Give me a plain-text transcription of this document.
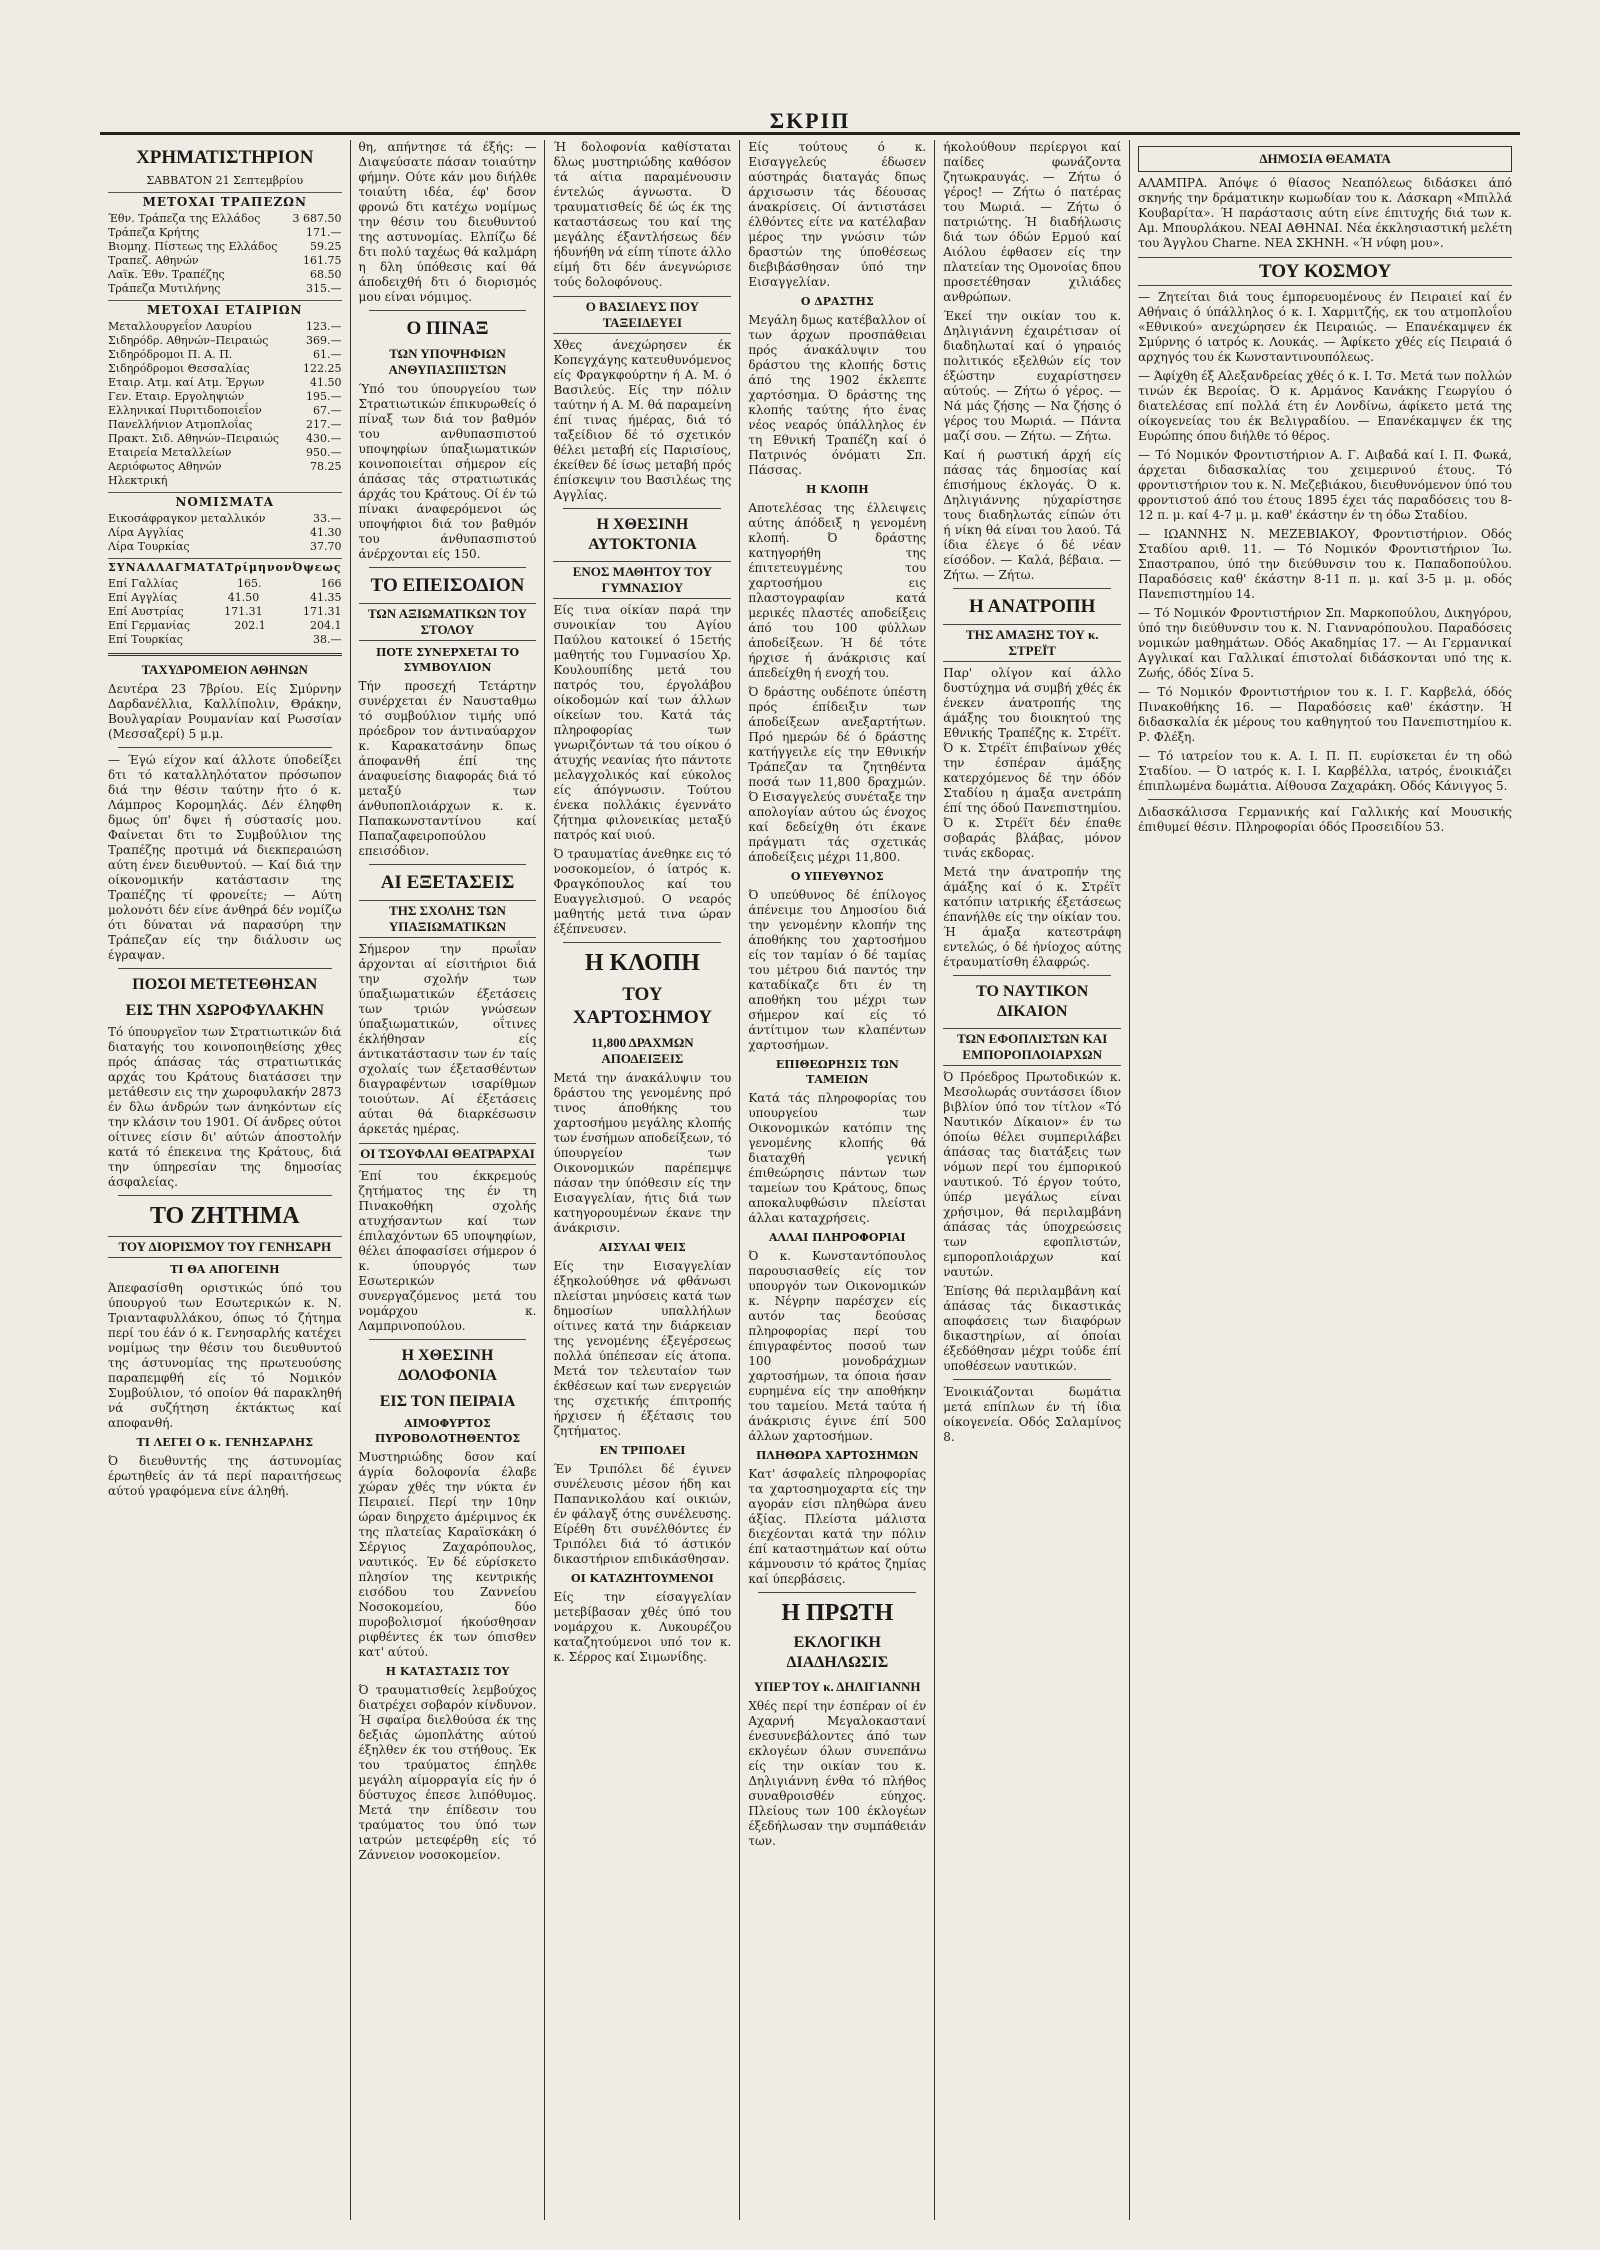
ΣΚΡΙΠ
ΧΡΗΜΑΤΙΣΤΗΡΙΟΝ
ΣΑΒΒΑΤΟΝ 21 Σεπτεμβρίου
ΜΕΤΟΧΑΙ ΤΡΑΠΕΖΩΝ
Έθν. Τράπεζα της Ελλάδος	3 687.50
Τράπεζα Κρήτης	171.—
Βιομηχ. Πίστεως της Ελλάδος	59.25
Τραπεζ. Αθηνών	161.75
Λαϊκ. Έθν. Τραπέζης	68.50
Τράπεζα Μυτιλήνης	315.—
ΜΕΤΟΧΑΙ ΕΤΑΙΡΙΩΝ
Μεταλλουργεΐον Λαυρίου	123.—
Σιδηρόδρ. Αθηνών–Πειραιώς	369.—
Σιδηρόδρομοι Π. Α. Π.	61.—
Σιδηρόδρομοι Θεσσαλίας	122.25
Εταιρ. Ατμ. καί Ατμ. Έργων	41.50
Γεν. Εταιρ. Εργοληψιών	195.—
Ελληνικαί Πυριτιδοποιεΐον	67.—
Πανελλήνιον Ατμοπλοΐας	217.—
Πρακτ. Σιδ. Αθηνών–Πειραιώς 430.—
Εταιρεία Μεταλλείων	950.—
Αεριόφωτος Αθηνών	78.25
Ηλεκτρική
ΝΟΜΙΣΜΑΤΑ
Εικοσάφραγκον μεταλλικόν	33.—
Λίρα Αγγλίας	41.30
Λίρα Τουρκίας	37.70
ΣΥΝΑΛΛΑΓΜΑΤΑ Τρίμηνον Όψεως
Επί Γαλλίας	165.	166
Επί Αγγλίας	41.50	41.35
Επί Αυστρίας	171.31	171.31
Επί Γερμανίας	202.1	204.1
Επί Τουρκίας	38.—
ΤΑΧΥΔΡΟΜΕΙΟΝ ΑΘΗΝΩΝ

Δευτέρα 23 7βρίου. Είς Σμύρνην Δαρδανέλλια, Καλλίπολιν, Θράκην, Βουλγαρίαν Ρουμανίαν καί Ρωσσίαν (Μεσσαζερί) 5 μ.μ.

— Έγώ είχον καί άλλοτε ύποδείξει δτι τό καταλληλότατον πρόσωπον διά την θέσιν ταύτην ήτο ό κ. Λάμπρος Κορομηλάς. Δέν έληφθη δμως ύπ' δψει ή σύστασίς μου. Φαίνεται δτι το Συμβούλιον της Τραπέζης προτιμά νά διεκπεραιώση αύτη ένεν διευθυντού. — Καί διά την οίκονομικήν κατάστασιν της Τραπέζης τί φρονείτε; — Αύτη μολονότι δέν είνε άνθηρά δέν νομίζω ότι δύναται νά παρασύρη την Τράπεζαν είς την διάλυσιν ως έγραψαν.

ΠΟΣΟΙ ΜΕΤΕΤΕΘΗΣΑΝ
ΕΙΣ ΤΗΝ ΧΩΡΟΦΥΛΑΚΗΝ

Τό ύπουργεϊον των Στρατιωτικών διά διαταγής του κοινοποιηθείσης χθες πρός άπάσας τάς στρατιωτικάς αρχάς του Κράτους διατάσσει την μετάθεσιν εις την χωροφυλακήν 2873 έν δλω άνδρών των άνηκόντων είς την κλάσιν του 1901. Οί άνδρες ούτοι οίτινες είσιν δι' αύτών άποστολήν κατά τό έπεκεινα της Κράτους, διά την ύπηρεσίαν της δημοσίας άσφαλείας.

ΤΟ ΖΗΤΗΜΑ
ΤΟΥ ΔΙΟΡΙΣΜΟΥ ΤΟΥ ΓΕΝΗΣΑΡΗ
ΤΙ ΘΑ ΑΠΟΓΕΙΝΗ

Άπεφασίσθη οριστικώς ύπό του ύπουργού των Εσωτερικών κ. Ν. Τριανταφυλλάκου, όπως τό ζήτημα περί του έάν ό κ. Γενησαρλής κατέχει νομίμως την θέσιν του διευθυντού της άστυνομίας της πρωτευούσης παραπεμφθή είς τό Νομικόν Συμβούλιον, τό οποίον θά παρακληθή νά συζήτηση έκτάκτως καί αποφανθή.

ΤΙ ΛΕΓΕΙ Ο κ. ΓΕΝΗΣΑΡΛΗΣ

Ό διευθυντής της άστυνομίας έρωτηθείς άν τά περί παραιτήσεως αύτού γραφόμενα είνε άληθή.

θη, απήντησε τά έξής: — Διαψεύσατε πάσαν τοιαύτην φήμην. Ούτε κάν μου διήλθε τοιαύτη ιδέα, έφ' δσον φρονώ δτι κατέχω νομίμως την θέσιν του διευθυντού της αστυνομίας. Ελπίζω δέ δτι πολύ ταχέως θά καλμάρη η δλη ύπόθεσις καί θά άποδειχθή δτι ό διορισμός μου είναι νόμιμος.

Ο ΠΙΝΑΞ
ΤΩΝ ΥΠΟΨΗΦΙΩΝ ΑΝΘΥΠΑΣΠΙΣΤΩΝ

Ύπό του ύπουργείου των Στρατιωτικών έπικυρωθείς ό πίναξ των διά τον βαθμόν του ανθυπασπιστού υποψηφίων ύπαξιωματικών κοινοποιείται σήμερον είς άπάσας τάς στρατιωτικάς άρχάς του Κράτους. Οί έν τώ πίνακι άναφερόμενοι ώς υποψήφιοι διά τον βαθμόν του άνθυπασπιστού άνέρχονται είς 150.

ΤΟ ΕΠΕΙΣΟΔΙΟΝ
ΤΩΝ ΑΞΙΩΜΑΤΙΚΩΝ ΤΟΥ ΣΤΟΛΟΥ
ΠΟΤΕ ΣΥΝΕΡΧΕΤΑΙ ΤΟ ΣΥΜΒΟΥΛΙΟΝ

Τήν προσεχή Τετάρτην συνέρχεται έν Ναυσταθμω τό συμβούλιον τιμής υπό πρόεδρον τον άντιναύαρχον κ. Καρακατσάνην δπως άποφανθή έπί της άναφυείσης διαφοράς διά τό μεταξύ των άνθυποπλοιάρχων κ. κ. Παπακωνσταντίνου καί Παπαζαφειροπούλου επεισόδιον.

ΑΙ ΕΞΕΤΑΣΕΙΣ
ΤΗΣ ΣΧΟΛΗΣ ΤΩΝ ΥΠΑΞΙΩΜΑΤΙΚΩΝ

Σήμερον την πρωΐαν άρχονται αί είσιτήριοι διά την σχολήν των ύπαξιωματικών έξετάσεις των τριών γνώσεων ύπαξιωματικών, οΐτινες έκλήθησαν είς άντικατάστασιν των έν ταίς σχολαίς των έξετασθέντων διαγραφέντων ισαρίθμων τοιούτων. Αί έξετάσεις αύται θά διαρκέσωσιν άρκετάς ημέρας.

ΟΙ ΤΣΟΥΦΛΑΙ ΘΕΑΤΡΑΡΧΑΙ

Έπί του έκκρεμούς ζητήματος της έν τη Πινακοθήκη σχολής ατυχήσαντων καί των έπιλαχόντων 65 υποψηφίων, θέλει άποφασίσει σήμερον ό κ. ύπουργός των Εσωτερικών συνεργαζόμενος μετά του νομάρχου κ. Λαμπρινοπούλου.

Η ΧΘΕΣΙΝΗ ΔΟΛΟΦΟΝΙΑ
ΕΙΣ ΤΟΝ ΠΕΙΡΑΙΑ
ΑΙΜΟΦΥΡΤΟΣ ΠΥΡΟΒΟΛΟΤΗΘΕΝΤΟΣ

Μυστηριώδης δσον καί άγρία δολοφονία έλαβε χώραν χθές την νύκτα έν Πειραιεί. Περί την 10ην ώραν διηρχετο άμέριμνος έκ της πλατείας Καραϊσκάκη ό Σέργιος Ζαχαρόπουλος, ναυτικός. Έν δέ εύρίσκετο πλησίον της κεντρικής εισόδου του Ζαννείου Νοσοκομείου, δύο πυροβολισμοί ήκούσθησαν ριφθέντες έκ των όπισθεν κατ' αύτού.

Η ΚΑΤΑΣΤΑΣΙΣ ΤΟΥ

Ό τραυματισθείς λεμβούχος διατρέχει σοβαρόν κίνδυνον. Ή σφαίρα διελθούσα έκ της δεξιάς ώμοπλάτης αύτού έξηλθεν έκ του στήθους. Έκ του τραύματος έπηλθε μεγάλη αίμορραγία είς ήν ό δύστυχος έπεσε λιπόθυμος. Μετά την έπίδεσιν του τραύματος του ύπό των ιατρών μετεφέρθη είς τό Ζάννειον νοσοκομείον.

Ή δολοφονία καθίσταται δλως μυστηριώδης καθόσον τά αίτια παραμένουσιν έντελώς άγνωστα. Ό τραυματισθείς δέ ώς έκ της καταστάσεως του καί της μεγάλης έξαντλήσεως δέν ήδυνήθη νά είπη τίποτε άλλο είμή δτι δέν άνεγνώρισε τούς δολοφόνους.

Ο ΒΑΣΙΛΕΥΣ ΠΟΥ ΤΑΞΕΙΔΕΥΕΙ

Χθες άνεχώρησεν έκ Κοπεγχάγης κατευθυνόμενος είς Φραγκφούρτην ή Α. Μ. ό Βασιλεύς. Είς την πόλιν ταύτην ή Α. Μ. θά παραμείνη έπί τινας ήμέρας, διά τό ταξείδιον δέ τό σχετικόν θέλει μεταβή είς Παρισίους, έκείθεν δέ ίσως μεταβή πρός έπίσκεψιν του Βασιλέως της Αγγλίας.

Η ΧΘΕΣΙΝΗ ΑΥΤΟΚΤΟΝΙΑ
ΕΝΟΣ ΜΑΘΗΤΟΥ ΤΟΥ ΓΥΜΝΑΣΙΟΥ

Είς τινα οίκίαν παρά την συνοικίαν του Αγίου Παύλου κατοικεί ό 15ετής μαθητής του Γυμνασίου Χρ. Κουλουπίδης μετά του πατρός του, έργολάβου οίκοδομών καί των άλλων οίκείων του. Κατά τάς πληροφορίας των γνωριζόντων τά του οίκου ό άτυχής νεανίας ήτο πάντοτε μελαγχολικός καί εύκολος είς άπόγνωσιν. Τούτου ένεκα πολλάκις έγεννάτο ζήτημα φιλονεικίας μεταξύ πατρός καί υιού.

Ό τραυματίας άνεθηκε εις τό νοσοκομείον, ό ίατρός κ. Φραγκόπουλος καί του Ευαγγελισμού. Ο νεαρός μαθητής μετά τινα ώραν έξέπνευσεν.

Η ΚΛΟΠΗ
ΤΟΥ ΧΑΡΤΟΣΗΜΟΥ
11,800 ΔΡΑΧΜΩΝ ΑΠΟΔΕΙΞΕΙΣ

Μετά την άνακάλυψιν του δράστου της γενομένης πρό τινος άποθήκης του χαρτοσήμου μεγάλης κλοπής των ένσήμων αποδείξεων, τό ύπουργείον των Οικονομικών παρέπεμψε πάσαν την ύπόθεσιν είς την Εισαγγελίαν, ήτις διά των κατηγορουμένων έκανε την άνάκρισιν.

ΑΙΣΥΛΑΙ ΨΕΙΣ

Είς την Εισαγγελίαν έξηκολούθησε νά φθάνωσι πλείσται μηνύσεις κατά των δημοσίων υπαλλήλων οίτινες κατά την διάρκειαν της γενομένης έξεγέρσεως πολλά ύπέπεσαν είς άτοπα. Μετά τον τελευταίον των έκθέσεων καί των ενεργειών της σχετικής έπιτροπής ήρχισεν ή έξέτασις του ζητήματος.

ΕΝ ΤΡΙΠΟΛΕΙ

Έν Τριπόλει δέ έγινεν συνέλευσις μέσον ήδη και Παπανικολάου καί οικιών, έν φάλαγξ ότης συνέλευσης. Είρέθη δτι συνέλθόντες έν Τριπόλει διά τό άστικόν δικαστήριον επιδικάσθησαν.

ΟΙ ΚΑΤΑΖΗΤΟΥΜΕΝΟΙ

Είς την είσαγγελίαν μετεβίβασαν χθές ύπό του νομάρχου κ. Λυκουρέζου καταζητούμενοι υπό τον κ. κ. Σέρρος καί Σιμωνίδης.

Είς τούτους ό κ. Εισαγγελεύς έδωσεν αύστηράς διαταγάς δπως άρχισωσιν τάς δέουσας άνακρίσεις. Οί άντιστάσει έλθόντες είτε να κατέλαβαν μέρος την γνώσιν τών δραστών της ύποθέσεως διεβιβάσθησαν ύπό την Εισαγγελίαν.

Ο ΔΡΑΣΤΗΣ

Μεγάλη δμως κατέβαλλον οί των άρχων προσπάθειαι πρός άνακάλυψιν του δράστου της κλοπής δστις άπό της 1902 έκλεπτε χαρτόσημα. Ό δράστης της κλοπής ταύτης ήτο ένας νέος νεαρός ύπάλληλος έν τη Εθνική Τραπέζη καί ό Πατρινός όνόματι Σπ. Πάσσας.

Η ΚΛΟΠΗ

Αποτελέσας της έλλειψεις αύτης άπόδειξ η γενομένη κλοπή. Ό δράστης κατηγορήθη της έπιτετευγμένης του χαρτοσήμου εις πλαστογραφίαν κατά μερικές πλαστές αποδείξεις άπό του 100 φύλλων άποδείξεων. Ή δέ τότε ήρχισε ή άνάκρισις καί άπεδείχθη ή ενοχή του.

Ό δράστης ουδέποτε ύπέστη πρός έπίδειξιν των άποδείξεων ανεξαρτήτων. Πρό ημερών δέ ό δράστης κατήγγειλε είς την Εθνικήν Τράπεζαν τα ζητηθέντα ποσά των 11,800 δραχμών. Ό Εισαγγελεύς συνέταξε την απολογίαν αύτου ώς ένοχος καί δεδείχθη ότι έκανε πράγματι τάς σχετικάς άποδείξεις μέχρι 11,800.

Ο ΥΠΕΥΘΥΝΟΣ

Ό υπεύθυνος δέ έπίλογος άπένειμε του Δημοσίου διά την γενομένην κλοπήν της άποθήκης του χαρτοσήμου είς τον ταμίαν ό δέ ταμίας του μέτρου διά παντός την καταδίκαζε δτι έν τη αποθήκη του μέχρι των σήμερον καί είς τό άντίτιμον των κλαπέντων χαρτοσήμων.

ΕΠΙΘΕΩΡΗΣΙΣ ΤΩΝ ΤΑΜΕΙΩΝ

Κατά τάς πληροφορίας του υπουργείου των Οικονομικών κατόπιν της γενομένης κλοπής θά διαταχθή γενική έπιθεώρησις πάντων των ταμείων του Κράτους, δπως αποκαλυφθώσιν πλείσται άλλαι καταχρήσεις.

ΑΛΛΑΙ ΠΛΗΡΟΦΟΡΙΑΙ

Ό κ. Κωνσταντόπουλος παρουσιασθείς είς τον υπουργόν των Οικονομικών κ. Νέγρην παρέσχεν είς αυτόν τας δεούσας πληροφορίας περί του έπιγραφέντος ποσού των 100 μονοδράχμων χαρτοσήμων, τα όποια ήσαν ευρημένα είς την αποθήκην του ταμείου. Μετά ταύτα ή άνάκρισις έγινε έπί 500 άλλων χαρτοσήμων.

ΠΛΗΘΩΡΑ ΧΑΡΤΟΣΗΜΩΝ

Κατ' άσφαλείς πληροφορίας τα χαρτοσημοχαρτα είς την αγοράν είσι πληθώρα άνευ άξίας. Πλείστα μάλιστα διεχέονται κατά την πόλιν έπί καταστημάτων καί ούτω κάμνουσιν τό κράτος ζημίας καί ύπερβάσεις.

Η ΠΡΩΤΗ
ΕΚΛΟΓΙΚΗ ΔΙΑΔΗΛΩΣΙΣ
ΥΠΕΡ ΤΟΥ κ. ΔΗΛΙΓΙΑΝΝΗ

Χθές περί την έσπέραν οί έν Αχαρνή Μεγαλοκαστανί ένεσυνεβάλοντες άπό των εκλογέων όλων συνεπάνω είς την οικίαν του κ. Δηλιγιάννη ένθα τό πλήθος συναθροισθέν εύηχος. Πλείους των 100 έκλογέων έξεδήλωσαν την συμπάθειάν των.

ήκολούθουν περίεργοι καί παίδες φωνάζοντα ζητωκραυγάς. — Ζήτω ό γέρος! — Ζήτω ό πατέρας του Μωριά. — Ζήτω ό πατριώτης. Ή διαδήλωσις διά των όδών Ερμού καί Αιόλου έφθασεν είς την πλατείαν της Ομονοίας δπου προσετέθησαν χιλιάδες ανθρώπων.

Έκεί την οικίαν του κ. Δηλιγιάννη έχαιρέτισαν οί διαδηλωταί καί ό γηραιός πολιτικός εξελθών είς τον έξώστην ευχαρίστησεν αύτούς. — Ζήτω ό γέρος. — Νά μάς ζήσης — Να ζήσης ό γέρος του Μωριά. — Πάντα μαζί σου. — Ζήτω. — Ζήτω.

Καί ή ρωστική άρχή είς πάσας τάς δημοσίας καί έπισήμους έκλογάς. Ό κ. Δηλιγιάννης ηύχαρίστησε τους διαδηλωτάς είπών ότι ή νίκη θά είναι του λαού. Τά ίδια έλεγε ό δέ νέαν είσόδον. — Καλά, βέβαια. — Ζήτω. — Ζήτω.

Η ΑΝΑΤΡΟΠΗ
ΤΗΣ ΑΜΑΞΗΣ ΤΟΥ κ. ΣΤΡΕΪΤ

Παρ' ολίγον καί άλλο δυστύχημα νά συμβή χθές έκ ένεκεν άνατροπής της άμάξης του διοικητού της Εθνικής Τραπέζης κ. Στρέϊτ. Ό κ. Στρέϊτ έπιβαίνων χθές την έσπέραν άμάξης κατερχόμενος δέ την όδόν Σταδίου η άμαξα ανετράπη έπί της όδού Πανεπιστημίου. Ό κ. Στρέϊτ δέν έπαθε σοβαράς βλάβας, μόνον τινάς εκδορας.

Μετά την άνατροπήν της άμάξης καί ό κ. Στρέϊτ κατόπιν ιατρικής έξετάσεως έπανήλθε είς την οίκίαν του. Ή άμαξα κατεστράφη εντελώς, ό δέ ήνίοχος αύτης έτραυματίσθη έλαφρώς.

ΤΟ ΝΑΥΤΙΚΟΝ ΔΙΚΑΙΟΝ
ΤΩΝ ΕΦΟΠΛΙΣΤΩΝ ΚΑΙ ΕΜΠΟΡΟΠΛΟΙΑΡΧΩΝ

Ό Πρόεδρος Πρωτοδικών κ. Μεσολωράς συντάσσει ίδιον βιβλίον ύπό τον τίτλον «Τό Ναυτικόν Δίκαιον» έν τω όποίω θέλει συμπεριλάβει άπάσας τας διατάξεις των νόμων περί του έμπορικού ναυτικού. Τό έργον τούτο, ύπέρ μεγάλως είναι χρήσιμον, θά περιλαμβάνη άπάσας τάς ύποχρεώσεις των εφοπλιστών, εμποροπλοιάρχων καί ναυτών.

Έπίσης θά περιλαμβάνη καί άπάσας τάς δικαστικάς αποφάσεις των διαφόρων δικαστηρίων, αί όποίαι έξεδόθησαν μέχρι τούδε έπί υποθέσεων ναυτικών.

Ένοικιάζονται δωμάτια μετά επίπλων έν τή ίδια οίκογενεία. Οδός Σαλαμίνος 8.

ΔΗΜΟΣΙΑ ΘΕΑΜΑΤΑ

ΑΛΑΜΠΡΑ. Άπόψε ό θίασος Νεαπόλεως διδάσκει άπό σκηνής την δράματικην κωμωδίαν του κ. Λάσκαρη «Μπιλλά Κουβαρίτα». Ή παράστασις αύτη είνε έπιτυχής διά των κ. Αμ. Μπουρλάκου. ΝΕΑΙ ΑΘΗΝΑΙ. Νέα έκκλησιαστική μελέτη του Άγγλου Charne. ΝΕΑ ΣΚΗΝΗ. «Ή νύφη μου».

ΤΟΥ ΚΟΣΜΟΥ

— Ζητείται διά τους έμπορευομένους έν Πειραιεί καί έν Αθήναις ό ύπάλληλος ό κ. Ι. Χαρμιτζής, εκ του ατμοπλοΐου «Εθνικού» ανεχώρησεν έκ Πειραιώς. — Επανέκαμψεν έκ Σμύρνης ό ιατρός κ. Λουκάς. — Άφίκετο χθές είς Πειραιά ό αρχηγός του έκ Κωνσταντινουπόλεως.

— Άφίχθη έξ Αλεξανδρείας χθές ό κ. Ι. Τσ. Μετά των πολλών τινών έκ Βεροίας. Ό κ. Αρμάνος Κανάκης Γεωργίου ό διατελέσας επί πολλά έτη έν Λονδίνω, άφίκετο μετά της οίκογενείας του έκ Βελιγραδίου. — Επανέκαμψεν έκ της Ευρώπης όπου διήλθε τό θέρος.

— Τό Νομικόν Φροντιστήριον Α. Γ. Αιβαδά καί Ι. Π. Φωκά, άρχεται διδασκαλίας του χειμερινού έτους. Τό φροντιστήριον του κ. Ν. Μεζεβιάκου, διευθυνόμενον ύπό του φροντιστού άπό του έτους 1895 έχει τάς παραδόσεις του 8-12 π. μ. καί 4-7 μ. μ. καθ' έκάστην έν τη όδω Σταδίου.

— ΙΩΑΝΝΗΣ Ν. ΜΕΖΕΒΙΑΚΟΥ, Φροντιστήριον. Οδός Σταδίου αριθ. 11. — Τό Νομικόν Φροντιστήριον Ίω. Σπαστραπου, ύπό την διεύθυνσιν του κ. Παπαδοπούλου. Παραδόσεις καθ' έκάστην 8-11 π. μ. καί 3-5 μ. μ. οδός Πανεπιστημίου 14.

— Τό Νομικόν Φροντιστήριον Σπ. Μαρκοπούλου, Δικηγόρου, ύπό την διεύθυνσιν του κ. Ν. Γιανναρόπουλου. Παραδόσεις νομικών μαθημάτων. Οδός Ακαδημίας 17. — Αι Γερμανικαί Αγγλικαί και Γαλλικαί έπιστολαί διδάσκονται υπό της κ. Ζωής, όδός Σίνα 5.

— Τό Νομικόν Φροντιστήριον του κ. Ι. Γ. Καρβελά, όδός Πινακοθήκης 16. — Παραδόσεις καθ' έκάστην. Ή διδασκαλία έκ μέρους του καθηγητού του Πανεπιστημίου κ. Ρ. Φλέξη.

— Τό ιατρείον του κ. Α. Ι. Π. Π. ευρίσκεται έν τη οδώ Σταδίου. — Ό ιατρός κ. Ι. Ι. Καρβέλλα, ιατρός, ένοικιάζει έπιπλωμένα δωμάτια. Αίθουσα Ζαχαράκη. Οδός Κάνιγγος 5.

Διδασκάλισσα Γερμανικής καί Γαλλικής καί Μουσικής έπιθυμεί θέσιν. Πληροφορίαι όδός Προσειδίου 53.
